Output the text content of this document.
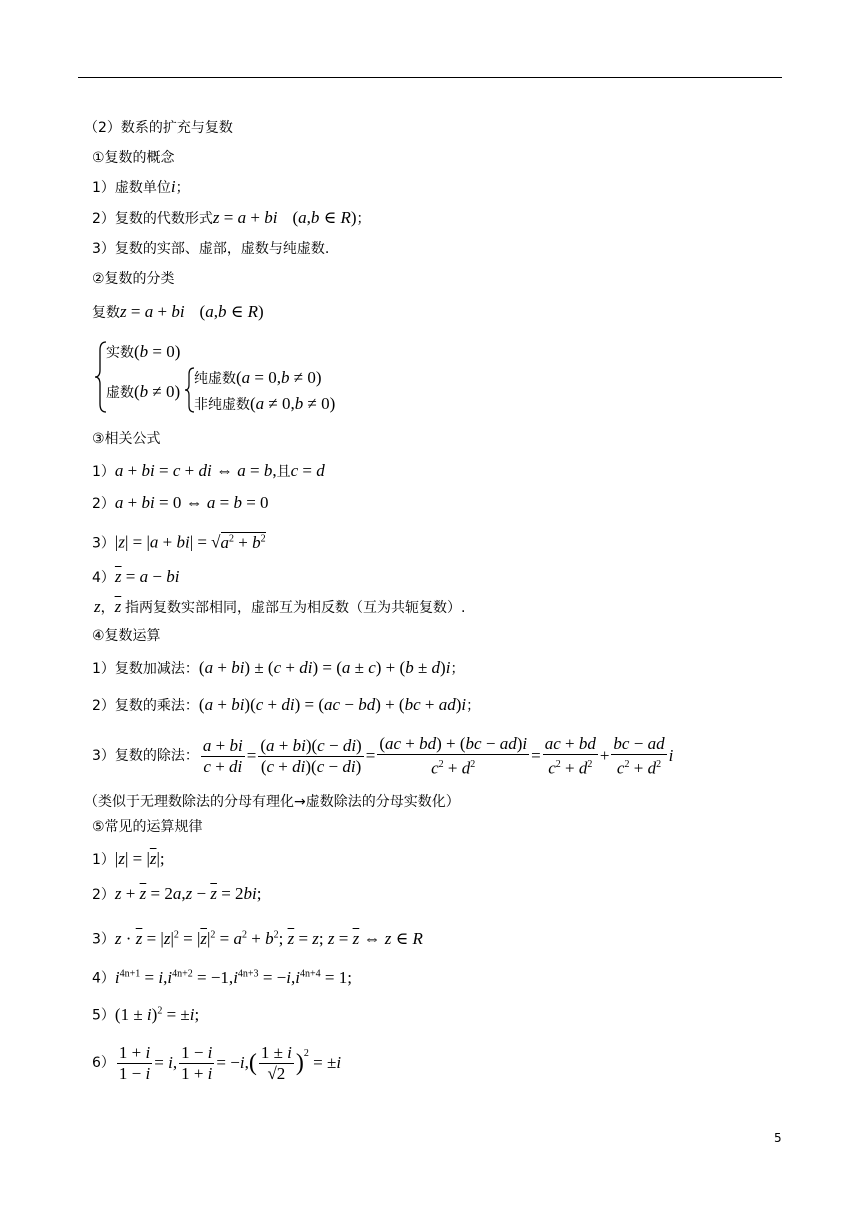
（2）数系的扩充与复数
①复数的概念
1）虚数单位i；
2）复数的代数形式z = a + bi (a,b ∈ R)；
3）复数的实部、虚部，虚数与纯虚数.
②复数的分类
复数z = a + bi (a,b ∈ R)
实数(b = 0)
虚数(b ≠ 0)
纯虚数(a = 0,b ≠ 0)
非纯虚数(a ≠ 0,b ≠ 0)
③相关公式
1）a + bi = c + di ⇔ a = b,且c = d
2）a + bi = 0 ⇔ a = b = 0
$3)|z| = |a + bi| = √a^2 + b^2$
$4)\overline{z} = a$ − bi
z，$\overline{z}$ 指两复数实部相同，虚部互为相反数（互为共轭复数）.
④复数运算
1）复数加减法：(a + bi) ± (c + di) = (a ± c) + (b ± d)i；
2）复数的乘法：(a + bi)(c + di) = (ac − bd) + (bc + ad)i；
3）复数的除法： $\frac{a + bi}{c + di} = \frac{(a + bi)(c - di)}{(c + di)(c - di)} = \frac{(ac + bd) + (bc - ad)i}{c^2 + d^2} = \frac{ac + bd}{c^2 + d^2} + \frac{bc - ad}{c^2 + d^2}$ i
（类似于无理数除法的分母有理化→虚数除法的分母实数化）
⑤常见的运算规律
$1)|z| = |\overline{z}|$;
$2)z + \overline{z} = 2a,z - \overline{z} = 2bi$;
$3)z \cdot \overline{z} = |z|^2 = |\overline{z}|^2 = a^2 + b^2$; $\overline{z} = z$; $z = \overline{z}$ ⇔ z ∈ R
$4)i^{4n+1} = i,i^{4n+2} = -1,i^{4n+3} = -i,i^{4n+4} = 1$;
$5)(1 \pm i)^2 = \pm i$;
$6) \frac{1 + i}{1 - i} = i$ , $\frac{1 - i}{1 + i}$ = − i , ( $\frac{1 \pm i}{√2} )^2$ = ± i
5
